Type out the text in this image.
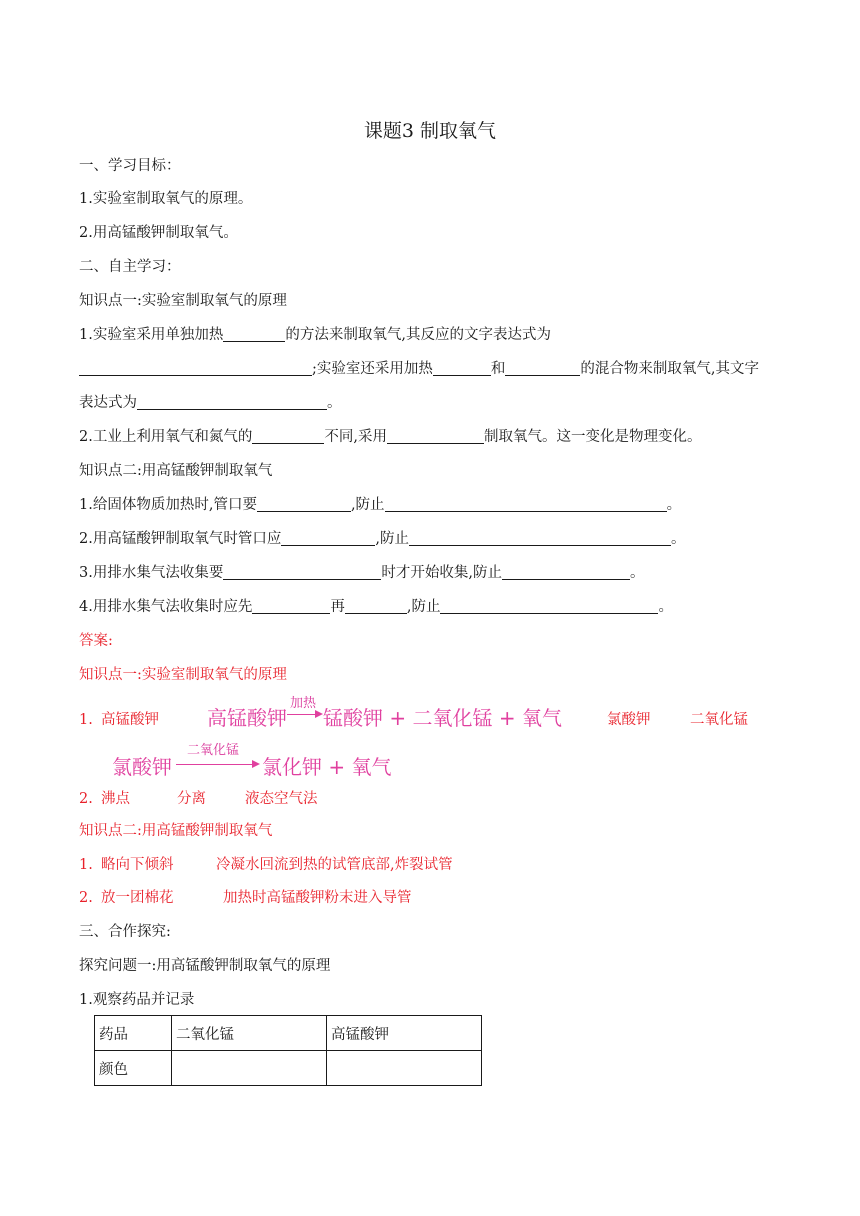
课题3 制取氧气
一、学习目标：
1.实验室制取氧气的原理。
2.用高锰酸钾制取氧气。
二、自主学习：
知识点一:实验室制取氧气的原理
1.实验室采用单独加热	的方法来制取氧气,其反应的文字表达式为
;实验室还采用加热	和	的混合物来制取氧气,其文字
表达式为	。
2.工业上利用氧气和氮气的	不同,采用	制取氧气。这一变化是物理变化。
知识点二:用高锰酸钾制取氧气
1.给固体物质加热时,管口要	,防止	。
2.用高锰酸钾制取氧气时管口应	,防止	。
3.用排水集气法收集要	时才开始收集,防止	。
4.用排水集气法收集时应先	再	,防止	。
答案:
知识点一:实验室制取氧气的原理
1. 高锰酸钾 高锰酸钾
加热
锰酸钾 + 二氧化锰 + 氧气	氯酸钾	二氧化锰
氯酸钾
二氧化锰
氯化钾 + 氧气
2. 沸点	分离	液态空气法
知识点二:用高锰酸钾制取氧气
1. 略向下倾斜	冷凝水回流到热的试管底部,炸裂试管
2. 放一团棉花	加热时高锰酸钾粉末进入导管
三、合作探究:
探究问题一:用高锰酸钾制取氧气的原理
1.观察药品并记录
药品	二氧化锰	高锰酸钾
颜色		
